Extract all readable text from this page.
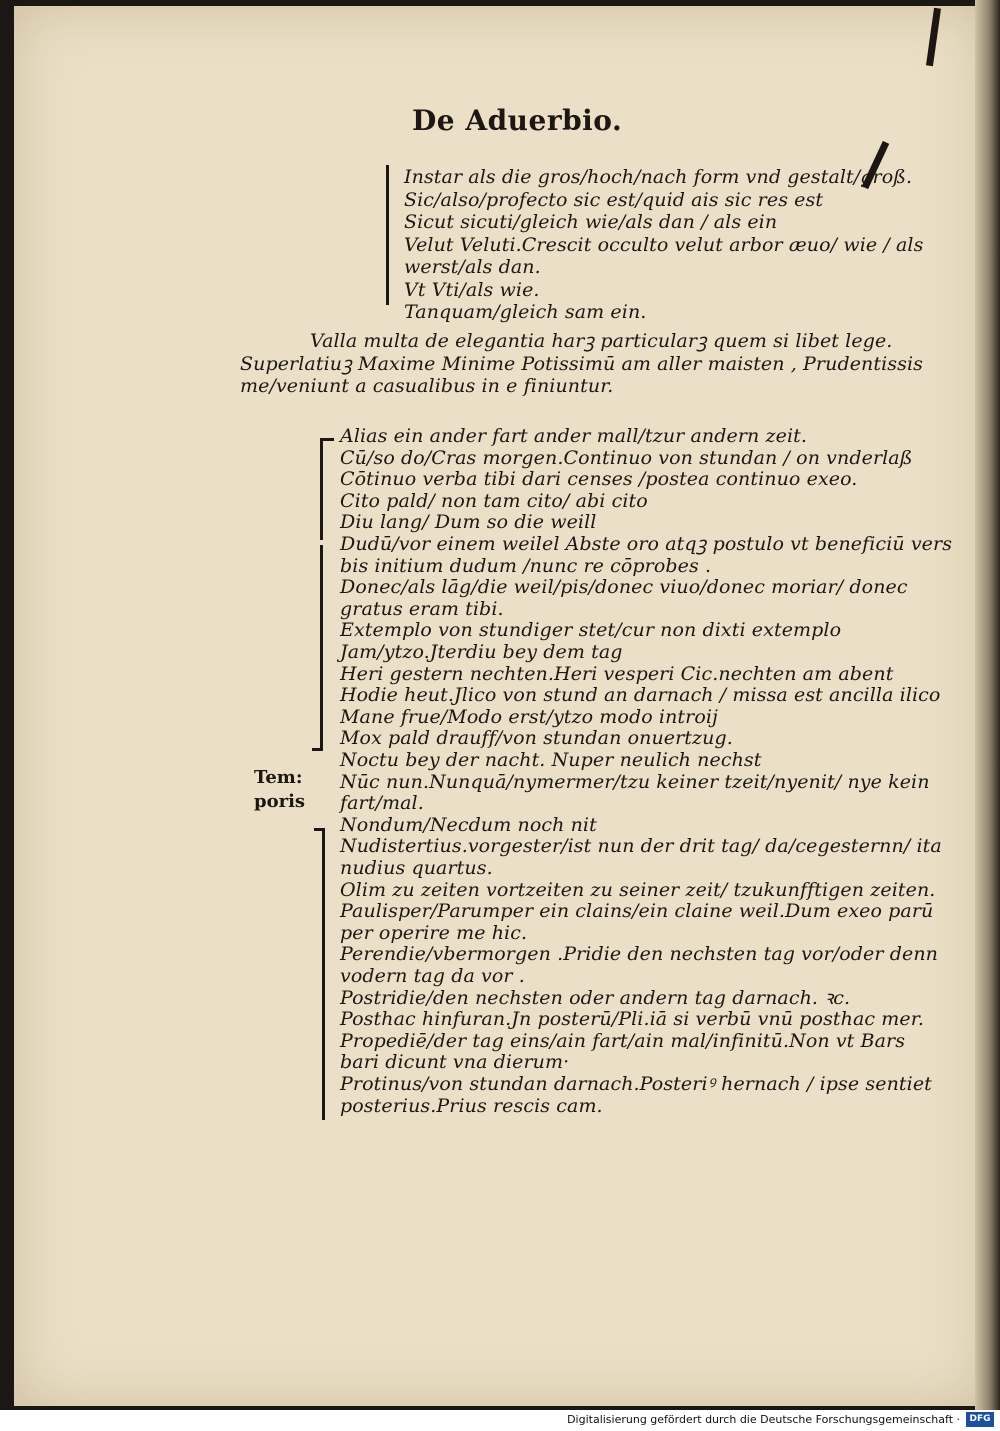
De Aduerbio.
Instar als die gros/hoch/nach form vnd gestalt/groß.
Sic/also/profecto sic est/quid ais sic res est
Sicut sicuti/gleich wie/als dan / als ein
Velut Veluti.Crescit occulto velut arbor æuo/ wie / als
werst/als dan.
Vt Vti/als wie.
Tanquam/gleich sam ein.
Valla multa de elegantia harꝫ particularꝫ quem si libet lege.
Superlatiuꝫ Maxime Minime Potissimū am aller maisten , Prudentissis
me/veniunt a casualibus in e finiuntur.
Tem:
poris
Alias ein ander fart ander mall/tzur andern zeit.
Cū/so do/Cras morgen.Continuo von stundan / on vnderlaß
Cōtinuo verba tibi dari censes /postea continuo exeo.
Cito pald/ non tam cito/ abi cito
Diu lang/ Dum so die weill
Dudū/vor einem weilel Abste oro atqꝫ postulo vt beneficiū vers
bis initium dudum /nunc re cōprobes .
Donec/als lāg/die weil/pis/donec viuo/donec moriar/ donec
gratus eram tibi.
Extemplo von stundiger stet/cur non dixti extemplo
Jam/ytzo.Jterdiu bey dem tag
Heri gestern nechten.Heri vesperi Cic.nechten am abent
Hodie heut.Jlico von stund an darnach / missa est ancilla ilico
Mane frue/Modo erst/ytzo modo introij
Mox pald drauff/von stundan onuertzug.
Noctu bey der nacht. Nuper neulich nechst
Nūc nun.Nunquā/nymermer/tzu keiner tzeit/nyenit/ nye kein
fart/mal.
Nondum/Necdum noch nit
Nudistertius.vorgester/ist nun der drit tag/ da/cegesternn/ ita
nudius quartus.
Olim zu zeiten vortzeiten zu seiner zeit/ tzukunfftigen zeiten.
Paulisper/Parumper ein clains/ein claine weil.Dum exeo parū
per operire me hic.
Perendie/vbermorgen .Pridie den nechsten tag vor/oder denn
vodern tag da vor .
Postridie/den nechsten oder andern tag darnach. ꝛc.
Posthac hinfuran.Jn posterū/Pli.iā si verbū vnū posthac mer.
Propediē/der tag eins/ain fart/ain mal/infinitū.Non vt Bars
bari dicunt vna dierum·
Protinus/von stundan darnach.Posteriꝰ hernach / ipse sentiet
posterius.Prius rescis cam.
Digitalisierung gefördert durch die Deutsche Forschungsgemeinschaft ·	DFG
